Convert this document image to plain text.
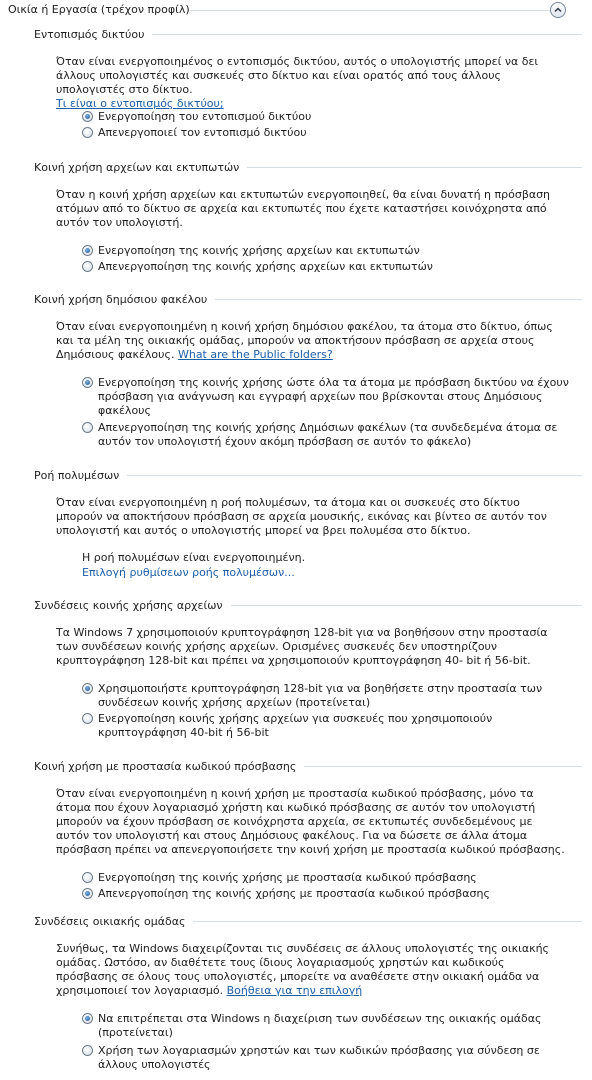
Οικία ή Εργασία (τρέχον προφίλ)
Εντοπισμός δικτύου
Όταν είναι ενεργοποιημένος ο εντοπισμός δικτύου, αυτός ο υπολογιστής μπορεί να δει άλλους υπολογιστές και συσκευές στο δίκτυο και είναι ορατός από τους άλλους υπολογιστές στο δίκτυο.
Τι είναι ο εντοπισμός δικτύου;
Ενεργοποίηση του εντοπισμού δικτύου
Απενεργοποιεί τον εντοπισμό δικτύου
Κοινή χρήση αρχείων και εκτυπωτών
Όταν η κοινή χρήση αρχείων και εκτυπωτών ενεργοποιηθεί, θα είναι δυνατή η πρόσβαση ατόμων από το δίκτυο σε αρχεία και εκτυπωτές που έχετε καταστήσει κοινόχρηστα από αυτόν τον υπολογιστή.
Ενεργοποίηση της κοινής χρήσης αρχείων και εκτυπωτών
Απενεργοποίηση της κοινής χρήσης αρχείων και εκτυπωτών
Κοινή χρήση δημόσιου φακέλου
Όταν είναι ενεργοποιημένη η κοινή χρήση δημόσιου φακέλου, τα άτομα στο δίκτυο, όπως και τα μέλη της οικιακής ομάδας, μπορούν να αποκτήσουν πρόσβαση σε αρχεία στους Δημόσιους φακέλους. What are the Public folders?
Ενεργοποίηση της κοινής χρήσης ώστε όλα τα άτομα με πρόσβαση δικτύου να έχουν πρόσβαση για ανάγνωση και εγγραφή αρχείων που βρίσκονται στους Δημόσιους φακέλους
Απενεργοποίηση της κοινής χρήσης Δημόσιων φακέλων (τα συνδεδεμένα άτομα σε αυτόν τον υπολογιστή έχουν ακόμη πρόσβαση σε αυτόν το φάκελο)
Ροή πολυμέσων
Όταν είναι ενεργοποιημένη η ροή πολυμέσων, τα άτομα και οι συσκευές στο δίκτυο μπορούν να αποκτήσουν πρόσβαση σε αρχεία μουσικής, εικόνας και βίντεο σε αυτόν τον υπολογιστή και αυτός ο υπολογιστής μπορεί να βρει πολυμέσα στο δίκτυο.
Η ροή πολυμέσων είναι ενεργοποιημένη.
Επιλογή ρυθμίσεων ροής πολυμέσων...
Συνδέσεις κοινής χρήσης αρχείων
Τα Windows 7 χρησιμοποιούν κρυπτογράφηση 128-bit για να βοηθήσουν στην προστασία των συνδέσεων κοινής χρήσης αρχείων. Ορισμένες συσκευές δεν υποστηρίζουν κρυπτογράφηση 128-bit και πρέπει να χρησιμοποιούν κρυπτογράφηση 40- bit ή 56-bit.
Χρησιμοποιήστε κρυπτογράφηση 128-bit για να βοηθήσετε στην προστασία των συνδέσεων κοινής χρήσης αρχείων (προτείνεται)
Ενεργοποίηση κοινής χρήσης αρχείων για συσκευές που χρησιμοποιούν κρυπτογράφηση 40-bit ή 56-bit
Κοινή χρήση με προστασία κωδικού πρόσβασης
Όταν είναι ενεργοποιημένη η κοινή χρήση με προστασία κωδικού πρόσβασης, μόνο τα άτομα που έχουν λογαριασμό χρήστη και κωδικό πρόσβασης σε αυτόν τον υπολογιστή μπορούν να έχουν πρόσβαση σε κοινόχρηστα αρχεία, σε εκτυπωτές συνδεδεμένους με αυτόν τον υπολογιστή και στους Δημόσιους φακέλους. Για να δώσετε σε άλλα άτομα πρόσβαση πρέπει να απενεργοποιήσετε την κοινή χρήση με προστασία κωδικού πρόσβασης.
Ενεργοποίηση της κοινής χρήσης με προστασία κωδικού πρόσβασης
Απενεργοποίηση της κοινής χρήσης με προστασία κωδικού πρόσβασης
Συνδέσεις οικιακής ομάδας
Συνήθως, τα Windows διαχειρίζονται τις συνδέσεις σε άλλους υπολογιστές της οικιακής ομάδας. Ωστόσο, αν διαθέτετε τους ίδιους λογαριασμούς χρηστών και κωδικούς πρόσβασης σε όλους τους υπολογιστές, μπορείτε να αναθέσετε στην οικιακή ομάδα να χρησιμοποιεί τον λογαριασμό. Βοήθεια για την επιλογή
Να επιτρέπεται στα Windows η διαχείριση των συνδέσεων της οικιακής ομάδας (προτείνεται)
Χρήση των λογαριασμών χρηστών και των κωδικών πρόσβασης για σύνδεση σε άλλους υπολογιστές
